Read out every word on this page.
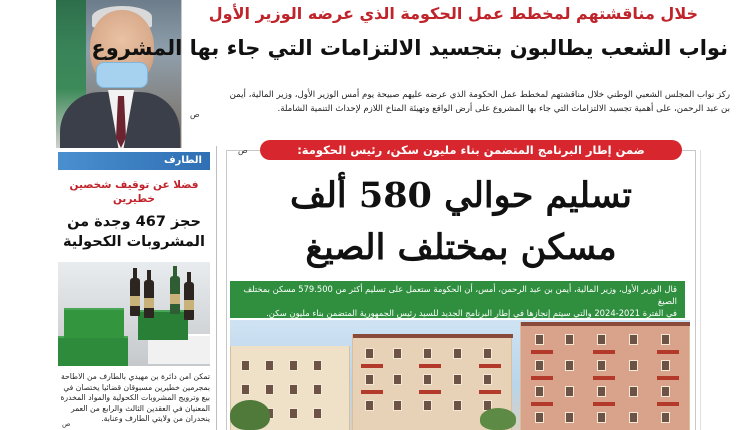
خلال مناقشتهم لمخطط عمل الحكومة الذي عرضه الوزير الأول
نواب الشعب يطالبون بتجسيد الالتزامات التي جاء بها المشروع
ركز نواب المجلس الشعبي الوطني خلال مناقشتهم لمخطط عمل الحكومة الذي عرضه عليهم صبيحة يوم أمس الوزير الأول، وزير المالية، أيمن
بن عبد الرحمن، على أهمية تجسيد الالتزامات التي جاء بها المشروع على أرض الواقع وتهيئة المناخ اللازم لإحداث التنمية الشاملة.
ص
الطارف
فضلا عن توقيف شخصين خطيرين
حجز 467 وجدة من المشروبات الكحولية
تمكن امن دائرة بن مهيدي بالطارف من الاطاحة بمجرمين خطيرين مسبوقان قضائيا يختصان في بيع وترويج المشروبات الكحولية والمواد المخدرة المعنيان في العقدين الثالث والرابع من العمر ينحدران من ولايتي الطارف وعنابة.
ص
ضمن إطار البرنامج المتضمن بناء مليون سكن، رئيس الحكومة:
ص
تسليم حوالي 580 ألف
مسكن بمختلف الصيغ
قال الوزير الأول، وزير المالية، أيمن بن عبد الرحمن، أمس، أن الحكومة ستعمل على تسليم أكثر من 579.500 مسكن بمختلف الصيغ
في الفترة 2021-2024 والتي سيتم إنجازها في إطار البرنامج الجديد للسيد رئيس الجمهورية المتضمن بناء مليون سكن.
